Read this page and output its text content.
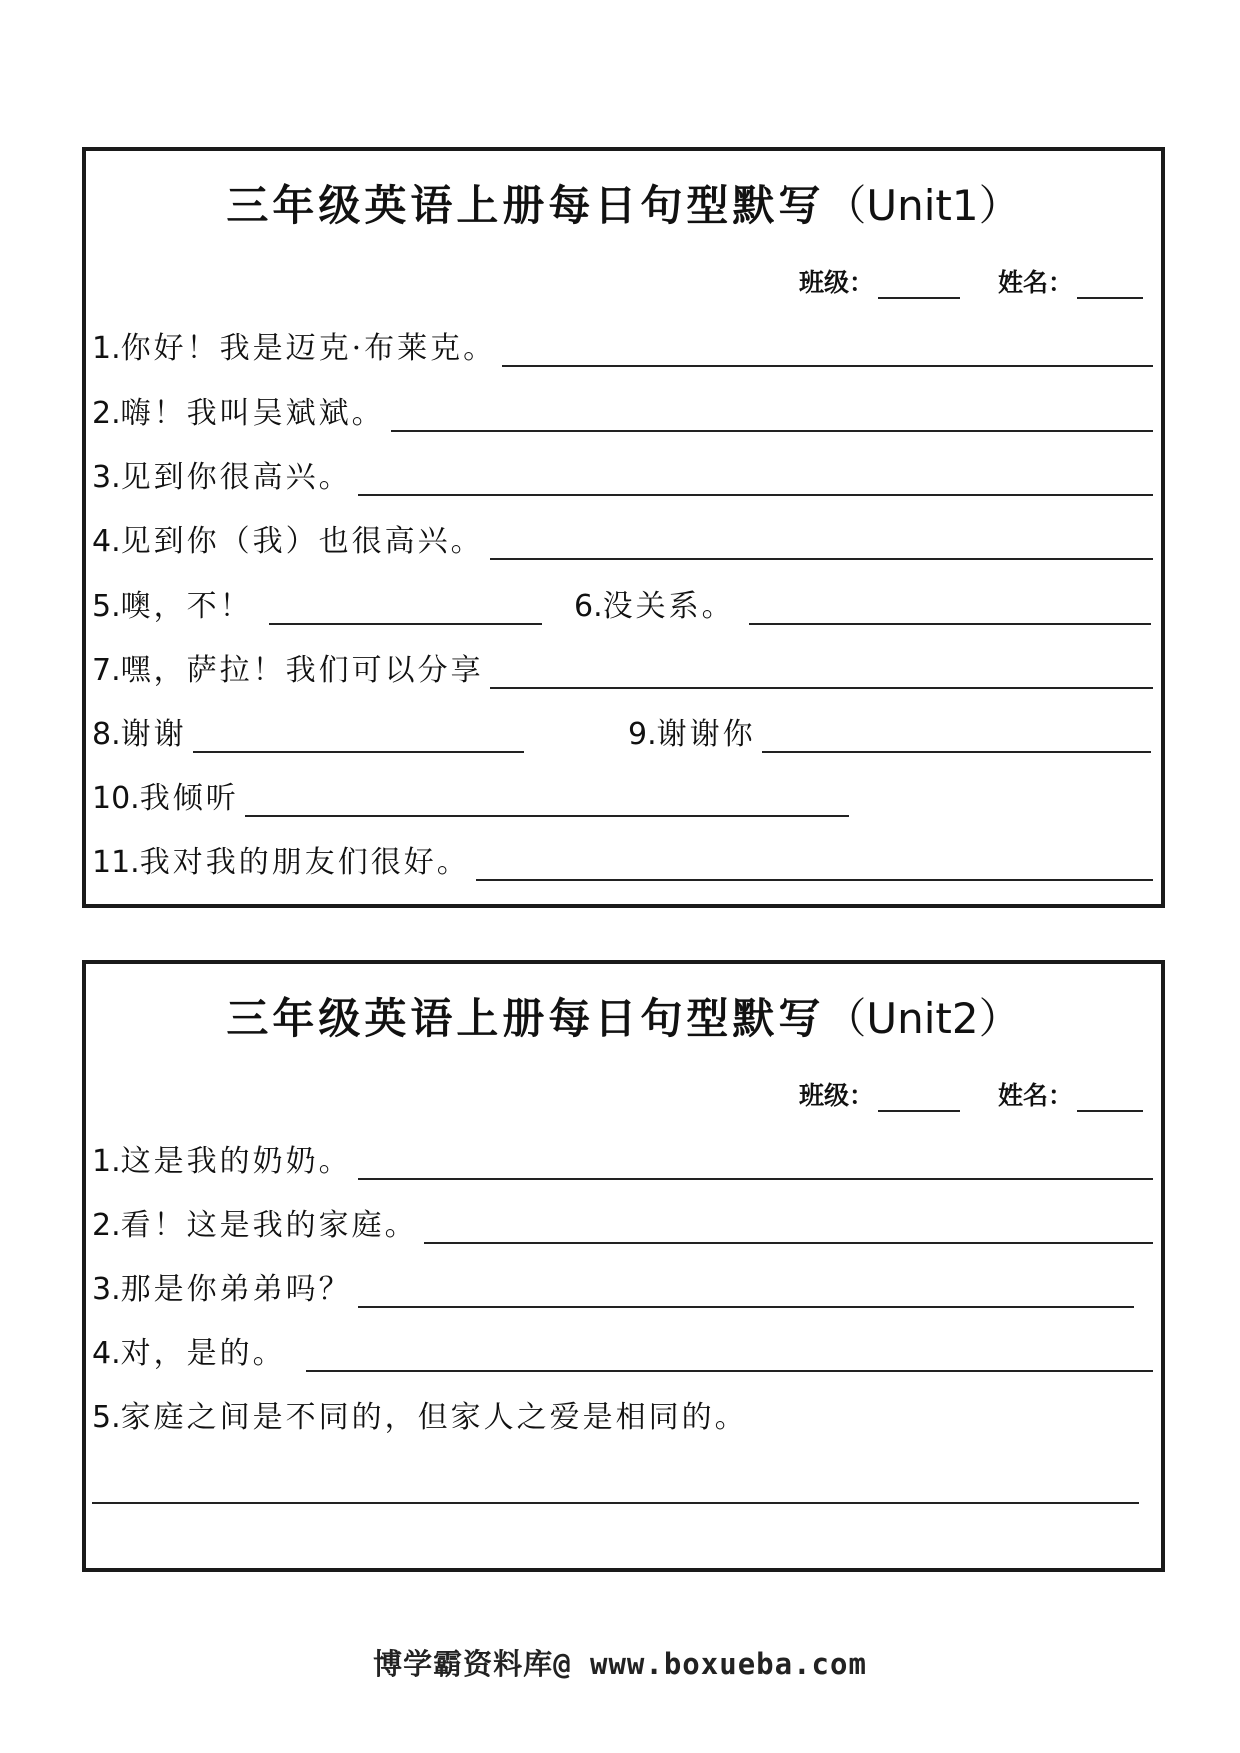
三年级英语上册每日句型默写（Unit1）
班级：	姓名：
1.你好！我是迈克·布莱克。
2.嗨！我叫吴斌斌。
3.见到你很高兴。
4.见到你（我）也很高兴。
5.噢，不！	6.没关系。
7.嘿，萨拉！我们可以分享
8.谢谢	9.谢谢你
10.我倾听
11.我对我的朋友们很好。
三年级英语上册每日句型默写（Unit2）
班级：	姓名：
1.这是我的奶奶。
2.看！这是我的家庭。
3.那是你弟弟吗？
4.对，是的。
5.家庭之间是不同的，但家人之爱是相同的。
博学霸资料库@ www.boxueba.com
